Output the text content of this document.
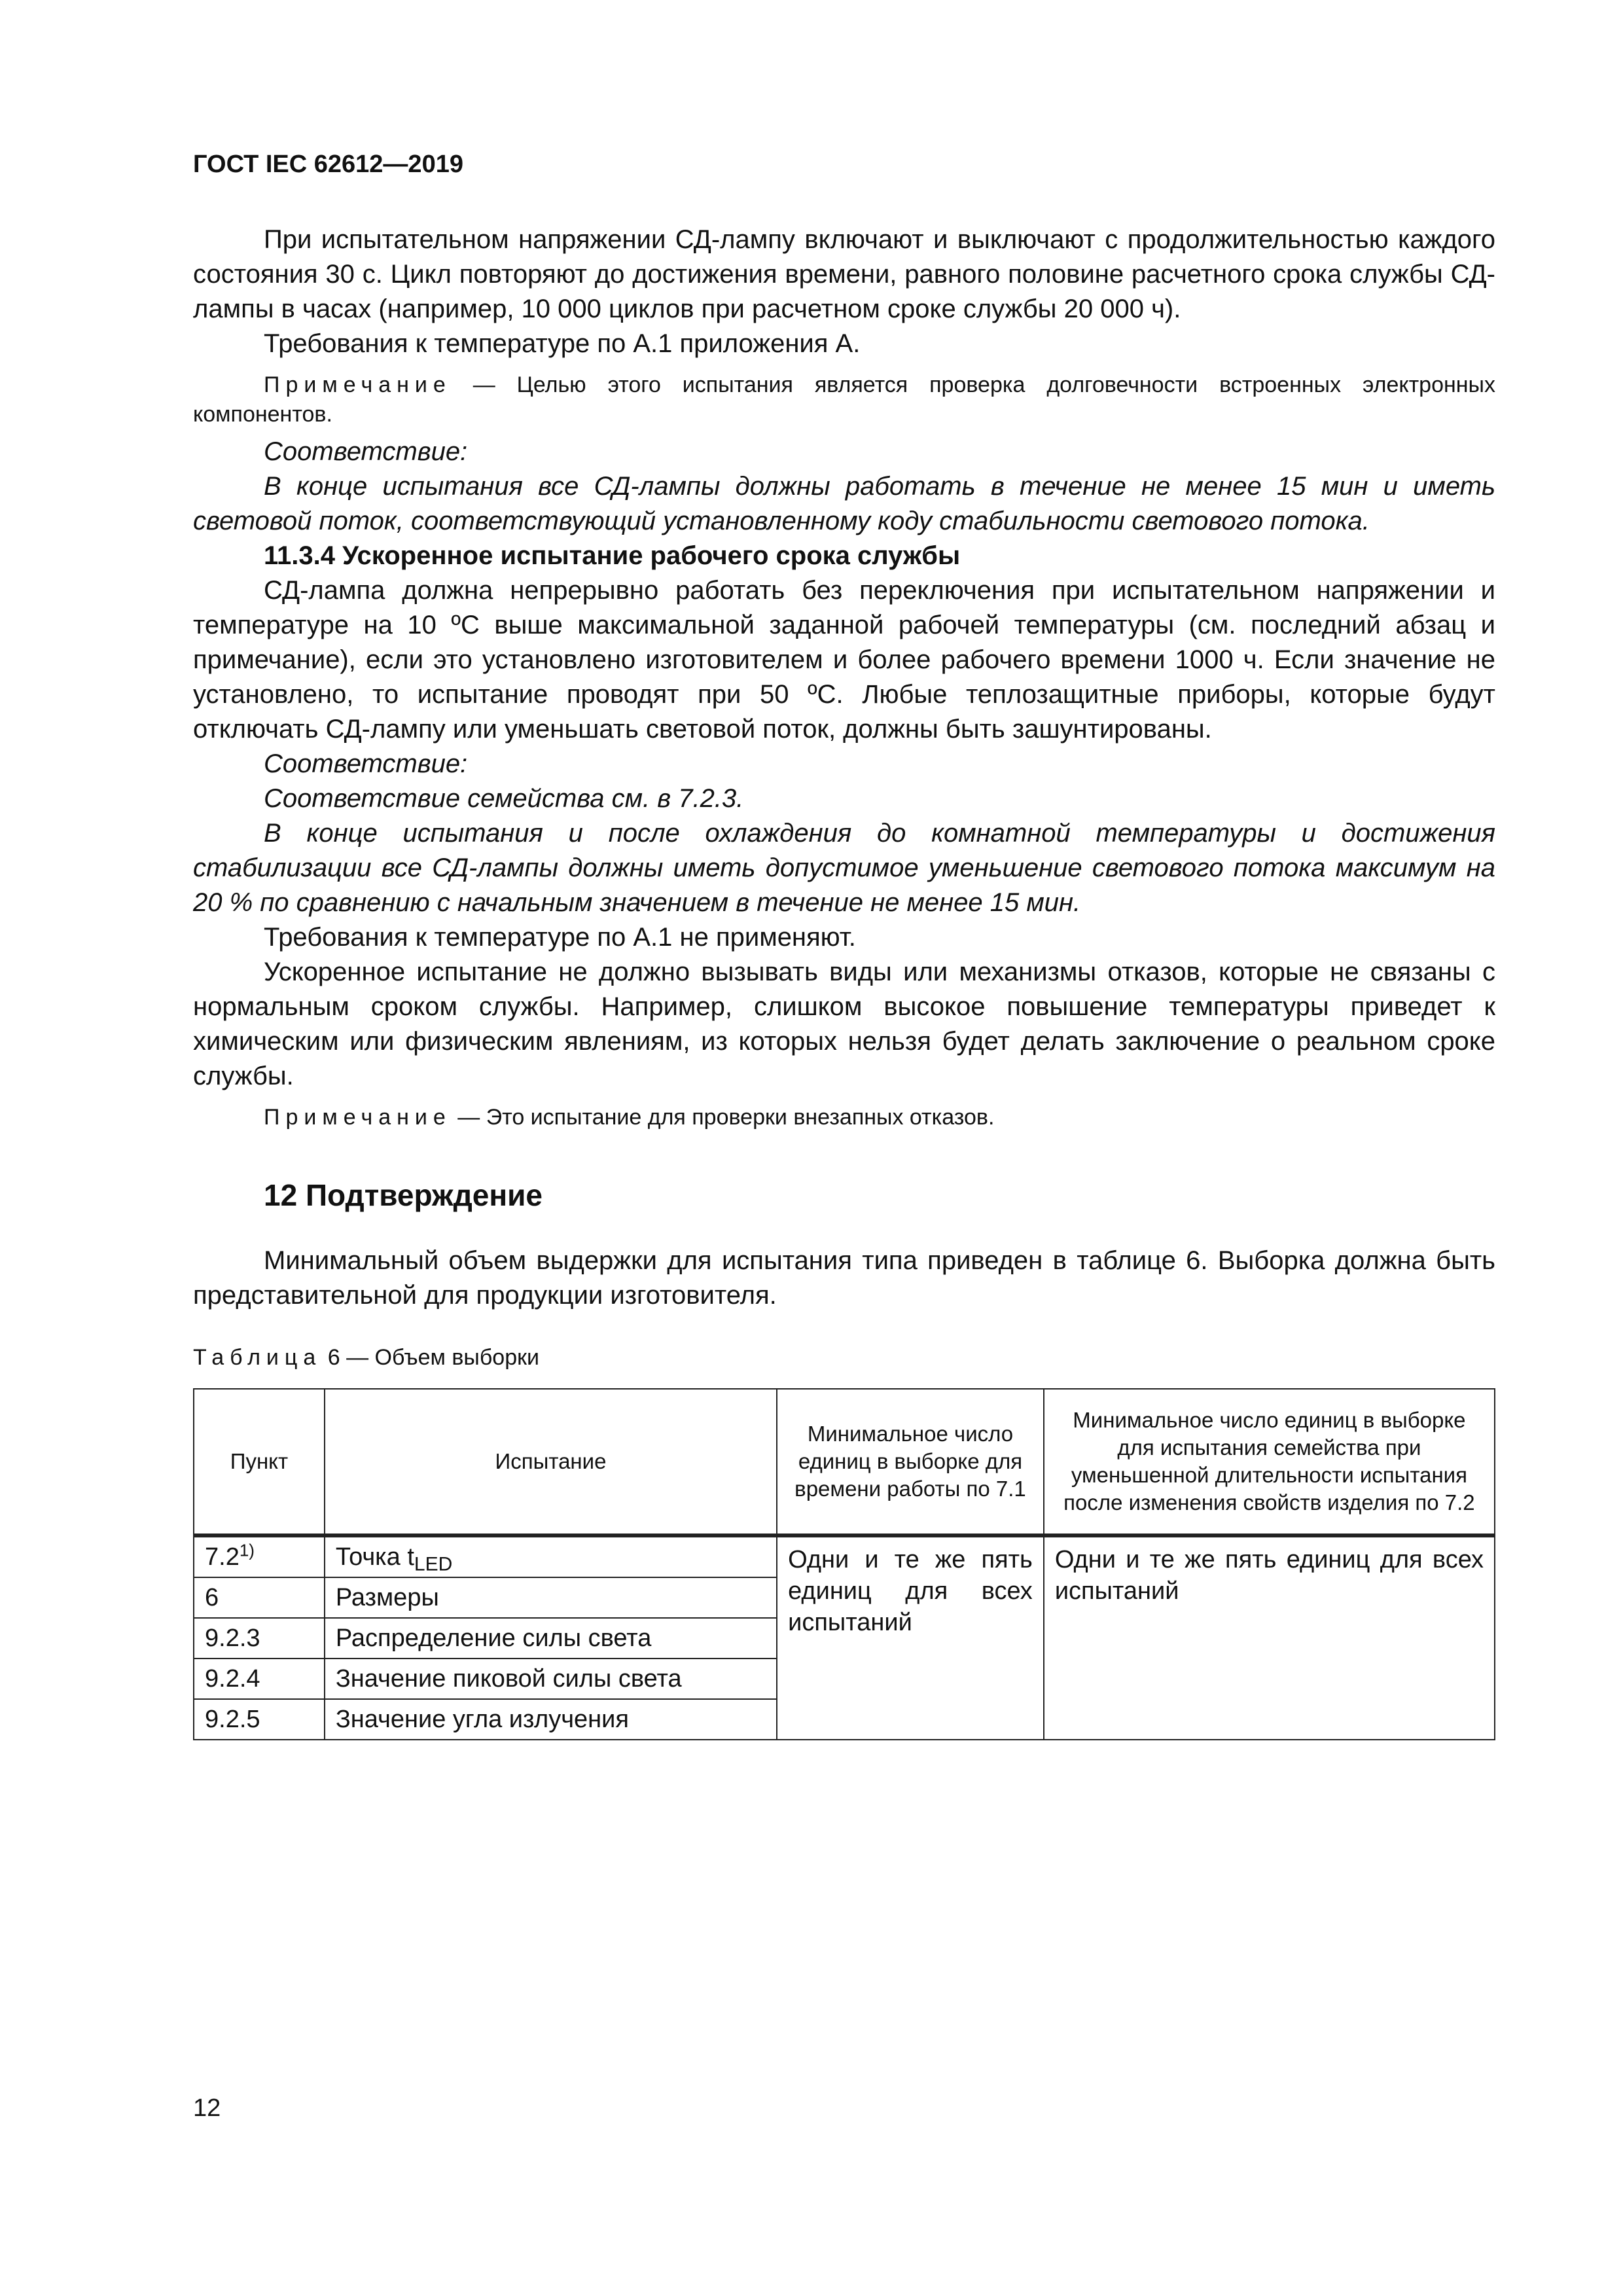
ГОСТ IEC 62612—2019

При испытательном напряжении СД-лампу включают и выключают с продолжительностью каждого состояния 30 с. Цикл повторяют до достижения времени, равного половине расчетного срока службы СД-лампы в часах (например, 10 000 циклов при расчетном сроке службы 20 000 ч).

Требования к температуре по А.1 приложения А.

Примечание — Целью этого испытания является проверка долговечности встроенных электронных компонентов.

Соответствие:

В конце испытания все СД-лампы должны работать в течение не менее 15 мин и иметь световой поток, соответствующий установленному коду стабильности светового потока.

11.3.4 Ускоренное испытание рабочего срока службы

СД-лампа должна непрерывно работать без переключения при испытательном напряжении и температуре на 10 ºС выше максимальной заданной рабочей температуры (см. последний абзац и примечание), если это установлено изготовителем и более рабочего времени 1000 ч. Если значение не установлено, то испытание проводят при 50 ºС. Любые теплозащитные приборы, которые будут отключать СД-лампу или уменьшать световой поток, должны быть зашунтированы.

Соответствие:

Соответствие семейства см. в 7.2.3.

В конце испытания и после охлаждения до комнатной температуры и достижения стабилизации все СД-лампы должны иметь допустимое уменьшение светового потока максимум на 20 % по сравнению с начальным значением в течение не менее 15 мин.

Требования к температуре по А.1 не применяют.

Ускоренное испытание не должно вызывать виды или механизмы отказов, которые не связаны с нормальным сроком службы. Например, слишком высокое повышение температуры приведет к химическим или физическим явлениям, из которых нельзя будет делать заключение о реальном сроке службы.

Примечание — Это испытание для проверки внезапных отказов.

12 Подтверждение

Минимальный объем выдержки для испытания типа приведен в таблице 6. Выборка должна быть представительной для продукции изготовителя.

Таблица 6 — Объем выборки
Пункт	Испытание	Минимальное число единиц в выборке для времени работы по 7.1	Минимальное число единиц в выборке для испытания семейства при уменьшенной длительности испытания после изменения свойств изделия по 7.2
7.2$^{1)}$	Точка $t_{LED}$	Одни и те же пять единиц для всех испытаний	Одни и те же пять единиц для всех испытаний
6	Размеры		
9.2.3	Распределение силы света		
9.2.4	Значение пиковой силы света		
9.2.5	Значение угла излучения		
12
